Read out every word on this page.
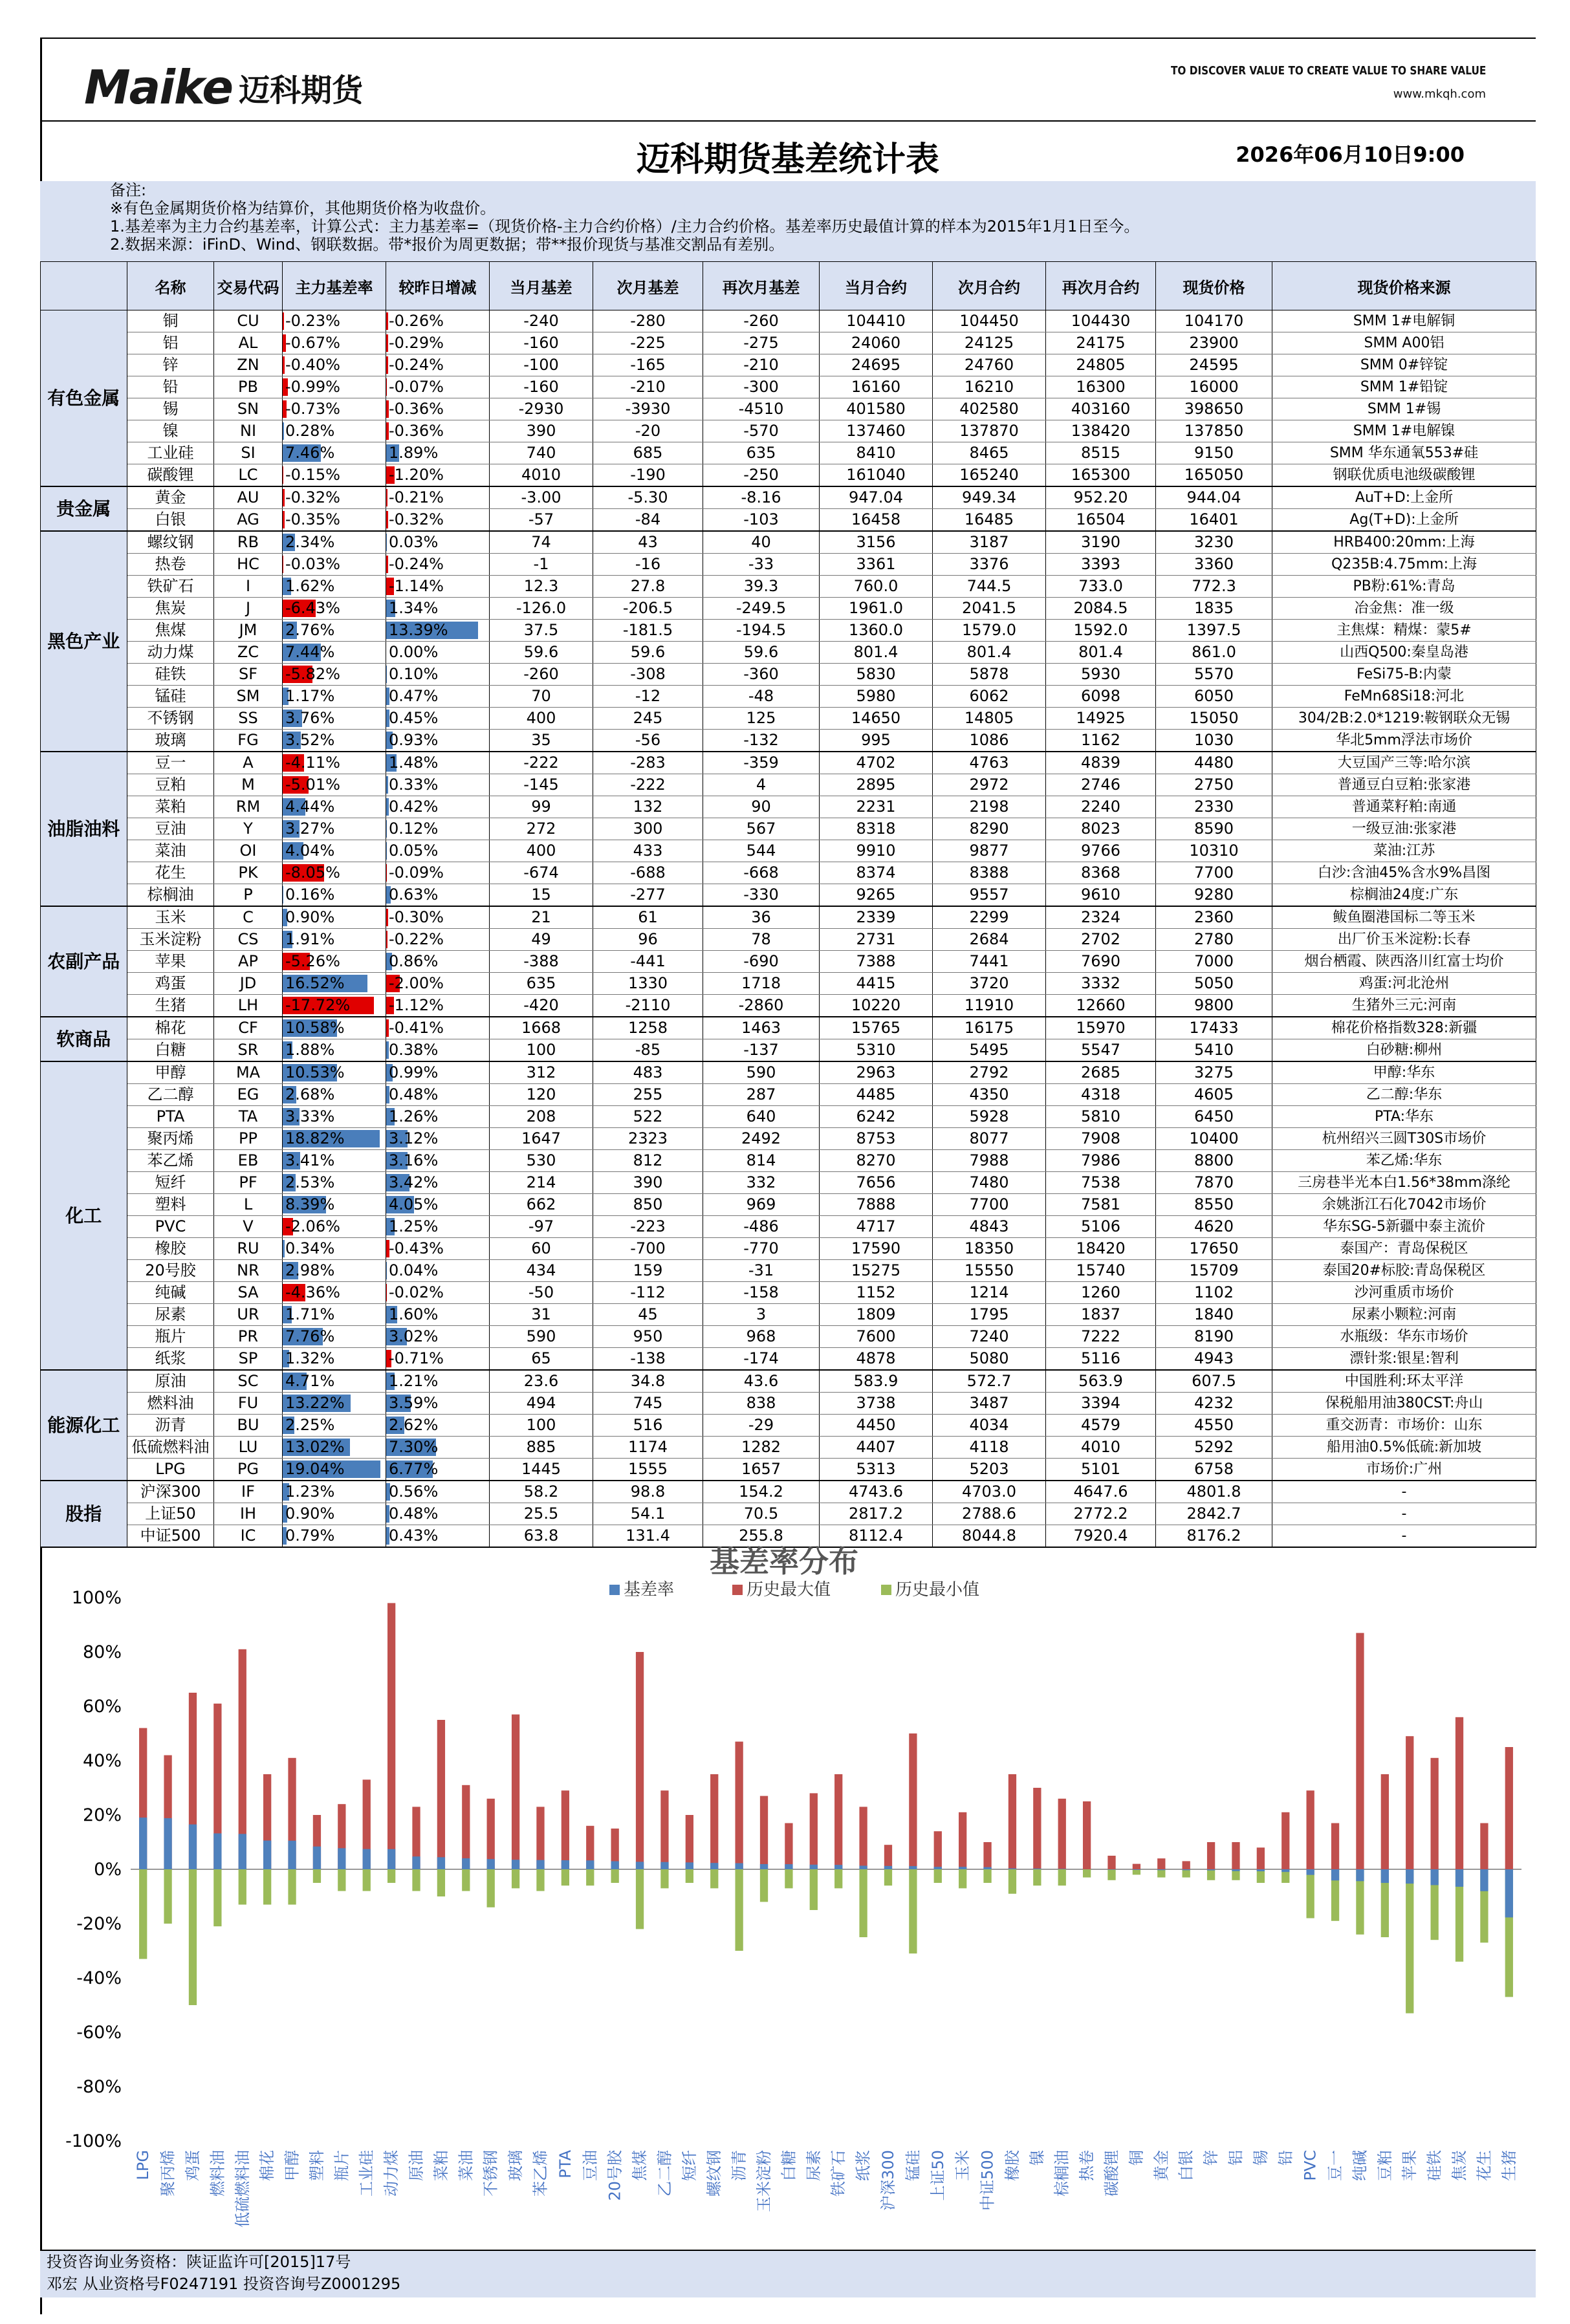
Maike 迈科期货
TO DISCOVER VALUE TO CREATE VALUE TO SHARE VALUE
www.mkqh.com
迈科期货基差统计表	2026年06月10日9:00
备注:
※有色金属期货价格为结算价，其他期货价格为收盘价。
1.基差率为主力合约基差率，计算公式：主力基差率=（现货价格-主力合约价格）/主力合约价格。基差率历史最值计算的样本为2015年1月1日至今。
2.数据来源：iFinD、Wind、钢联数据。带*报价为周更数据；带**报价现货与基准交割品有差别。
	名称	交易代码	主力基差率	较昨日增减	当月基差	次月基差	再次月基差	当月合约	次月合约	再次月合约	现货价格	现货价格来源
有色金属	铜	CU	-0.23%	-0.26%	-240	-280	-260	104410	104450	104430	104170	SMM 1#电解铜
	铝	AL	-0.67%	-0.29%	-160	-225	-275	24060	24125	24175	23900	SMM A00铝
	锌	ZN	-0.40%	-0.24%	-100	-165	-210	24695	24760	24805	24595	SMM 0#锌锭
	铅	PB	-0.99%	-0.07%	-160	-210	-300	16160	16210	16300	16000	SMM 1#铅锭
	锡	SN	-0.73%	-0.36%	-2930	-3930	-4510	401580	402580	403160	398650	SMM 1#锡
	镍	NI	0.28%	-0.36%	390	-20	-570	137460	137870	138420	137850	SMM 1#电解镍
	工业硅	SI	7.46%	1.89%	740	685	635	8410	8465	8515	9150	SMM 华东通氧553#硅
	碳酸锂	LC	-0.15%	-1.20%	4010	-190	-250	161040	165240	165300	165050	钢联优质电池级碳酸锂
贵金属	黄金	AU	-0.32%	-0.21%	-3.00	-5.30	-8.16	947.04	949.34	952.20	944.04	AuT+D:上金所
	白银	AG	-0.35%	-0.32%	-57	-84	-103	16458	16485	16504	16401	Ag(T+D):上金所
黑色产业	螺纹钢	RB	2.34%	0.03%	74	43	40	3156	3187	3190	3230	HRB400:20mm:上海
	热卷	HC	-0.03%	-0.24%	-1	-16	-33	3361	3376	3393	3360	Q235B:4.75mm:上海
	铁矿石	I	1.62%	-1.14%	12.3	27.8	39.3	760.0	744.5	733.0	772.3	PB粉:61%:青岛
	焦炭	J	-6.43%	1.34%	-126.0	-206.5	-249.5	1961.0	2041.5	2084.5	1835	冶金焦：准一级
	焦煤	JM	2.76%	13.39%	37.5	-181.5	-194.5	1360.0	1579.0	1592.0	1397.5	主焦煤：精煤：蒙5#
	动力煤	ZC	7.44%	0.00%	59.6	59.6	59.6	801.4	801.4	801.4	861.0	山西Q500:秦皇岛港
	硅铁	SF	-5.82%	0.10%	-260	-308	-360	5830	5878	5930	5570	FeSi75-B:内蒙
	锰硅	SM	1.17%	0.47%	70	-12	-48	5980	6062	6098	6050	FeMn68Si18:河北
	不锈钢	SS	3.76%	0.45%	400	245	125	14650	14805	14925	15050	304/2B:2.0*1219:鞍钢联众无锡
	玻璃	FG	3.52%	0.93%	35	-56	-132	995	1086	1162	1030	华北5mm浮法市场价
油脂油料	豆一	A	-4.11%	1.48%	-222	-283	-359	4702	4763	4839	4480	大豆国产三等:哈尔滨
	豆粕	M	-5.01%	0.33%	-145	-222	4	2895	2972	2746	2750	普通豆白豆粕:张家港
	菜粕	RM	4.44%	0.42%	99	132	90	2231	2198	2240	2330	普通菜籽粕:南通
	豆油	Y	3.27%	0.12%	272	300	567	8318	8290	8023	8590	一级豆油:张家港
	菜油	OI	4.04%	0.05%	400	433	544	9910	9877	9766	10310	菜油:江苏
	花生	PK	-8.05%	-0.09%	-674	-688	-668	8374	8388	8368	7700	白沙:含油45%含水9%昌图
	棕榈油	P	0.16%	0.63%	15	-277	-330	9265	9557	9610	9280	棕榈油24度:广东
农副产品	玉米	C	0.90%	-0.30%	21	61	36	2339	2299	2324	2360	鲅鱼圈港国标二等玉米
	玉米淀粉	CS	1.91%	-0.22%	49	96	78	2731	2684	2702	2780	出厂价玉米淀粉:长春
	苹果	AP	-5.26%	0.86%	-388	-441	-690	7388	7441	7690	7000	烟台栖霞、陕西洛川红富士均价
	鸡蛋	JD	16.52%	-2.00%	635	1330	1718	4415	3720	3332	5050	鸡蛋:河北沧州
	生猪	LH	-17.72%	-1.12%	-420	-2110	-2860	10220	11910	12660	9800	生猪外三元:河南
软商品	棉花	CF	10.58%	-0.41%	1668	1258	1463	15765	16175	15970	17433	棉花价格指数328:新疆
	白糖	SR	1.88%	0.38%	100	-85	-137	5310	5495	5547	5410	白砂糖:柳州
化工	甲醇	MA	10.53%	0.99%	312	483	590	2963	2792	2685	3275	甲醇:华东
	乙二醇	EG	2.68%	0.48%	120	255	287	4485	4350	4318	4605	乙二醇:华东
	PTA	TA	3.33%	1.26%	208	522	640	6242	5928	5810	6450	PTA:华东
	聚丙烯	PP	18.82%	3.12%	1647	2323	2492	8753	8077	7908	10400	杭州绍兴三圆T30S市场价
	苯乙烯	EB	3.41%	3.16%	530	812	814	8270	7988	7986	8800	苯乙烯:华东
	短纤	PF	2.53%	3.42%	214	390	332	7656	7480	7538	7870	三房巷半光本白1.56*38mm涤纶
	塑料	L	8.39%	4.05%	662	850	969	7888	7700	7581	8550	余姚浙江石化7042市场价
	PVC	V	-2.06%	1.25%	-97	-223	-486	4717	4843	5106	4620	华东SG-5新疆中泰主流价
	橡胶	RU	0.34%	-0.43%	60	-700	-770	17590	18350	18420	17650	泰国产：青岛保税区
	20号胶	NR	2.98%	0.04%	434	159	-31	15275	15550	15740	15709	泰国20#标胶:青岛保税区
	纯碱	SA	-4.36%	-0.02%	-50	-112	-158	1152	1214	1260	1102	沙河重质市场价
	尿素	UR	1.71%	1.60%	31	45	3	1809	1795	1837	1840	尿素小颗粒:河南
	瓶片	PR	7.76%	3.02%	590	950	968	7600	7240	7222	8190	水瓶级：华东市场价
	纸浆	SP	1.32%	-0.71%	65	-138	-174	4878	5080	5116	4943	漂针浆:银星:智利
能源化工	原油	SC	4.71%	1.21%	23.6	34.8	43.6	583.9	572.7	563.9	607.5	中国胜利:环太平洋
	燃料油	FU	13.22%	3.59%	494	745	838	3738	3487	3394	4232	保税船用油380CST:舟山
	沥青	BU	2.25%	2.62%	100	516	-29	4450	4034	4579	4550	重交沥青：市场价：山东
	低硫燃料油	LU	13.02%	7.30%	885	1174	1282	4407	4118	4010	5292	船用油0.5%低硫:新加坡
	LPG	PG	19.04%	6.77%	1445	1555	1657	5313	5203	5101	6758	市场价:广州
股指	沪深300	IF	1.23%	0.56%	58.2	98.8	154.2	4743.6	4703.0	4647.6	4801.8	-
	上证50	IH	0.90%	0.48%	25.5	54.1	70.5	2817.2	2788.6	2772.2	2842.7	-
	中证500	IC	0.79%	0.43%	63.8	131.4	255.8	8112.4	8044.8	7920.4	8176.2	-
基差率分布
基差率	历史最大值	历史最小值
100%
80%
60%
40%
20%
0%
-20%
-40%
-60%
-80%
-100%
LPG 聚丙烯 鸡蛋 燃料油 低硫燃料油 棉花 甲醇 塑料 瓶片 工业硅 动力煤 原油 菜粕 菜油 不锈钢 玻璃 苯乙烯 PTA 豆油 20号胶 焦煤 乙二醇 短纤 螺纹钢 沥青 玉米淀粉 白糖 尿素 铁矿石 纸浆 沪深300 锰硅 上证50 玉米 中证500 橡胶 镍 棕榈油 热卷 碳酸锂 铜 黄金 白银 锌 铝 锡 铅 PVC 豆一 纯碱 豆粕 苹果 硅铁 焦炭 花生 生猪
投资咨询业务资格：陕证监许可[2015]17号
邓宏 从业资格号F0247191 投资咨询号Z0001295
